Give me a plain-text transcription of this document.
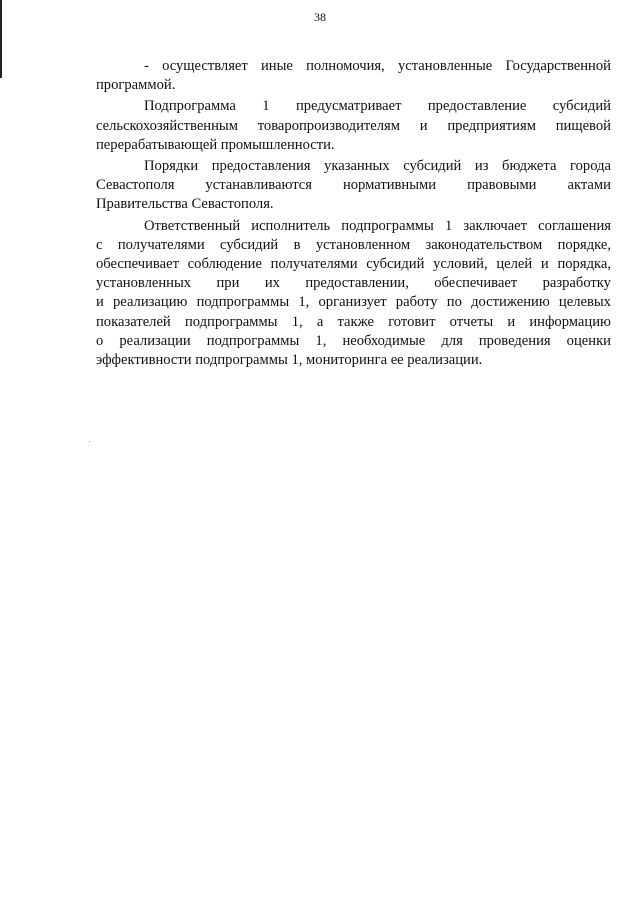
38
- осуществляет иные полномочия, установленные Государственной
программой.
Подпрограмма 1 предусматривает предоставление субсидий
сельскохозяйственным товаропроизводителям и предприятиям пищевой
перерабатывающей промышленности.
Порядки предоставления указанных субсидий из бюджета города
Севастополя устанавливаются нормативными правовыми актами
Правительства Севастополя.
Ответственный исполнитель подпрограммы 1 заключает соглашения
с получателями субсидий в установленном законодательством порядке,
обеспечивает соблюдение получателями субсидий условий, целей и порядка,
установленных при их предоставлении, обеспечивает разработку
и реализацию подпрограммы 1, организует работу по достижению целевых
показателей подпрограммы 1, а также готовит отчеты и информацию
о реализации подпрограммы 1, необходимые для проведения оценки
эффективности подпрограммы 1, мониторинга ее реализации.
